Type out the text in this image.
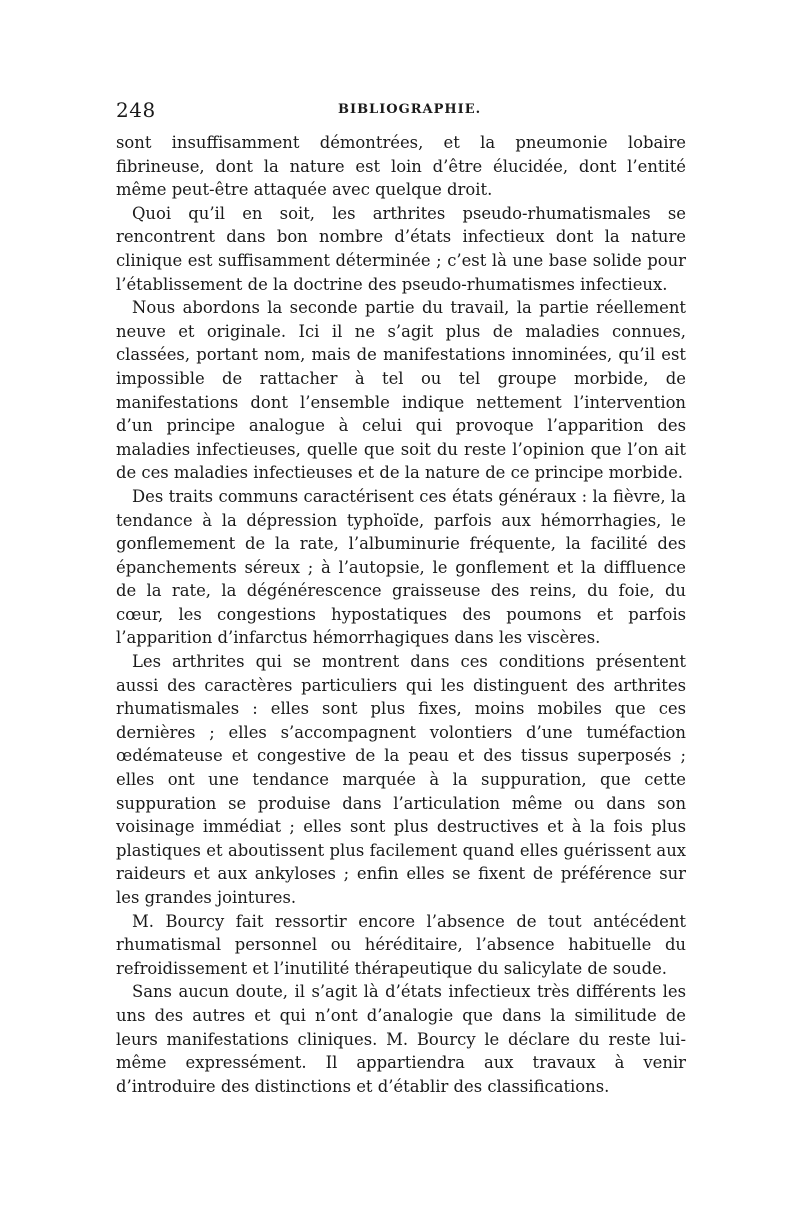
248	BIBLIOGRAPHIE.

sont insuffisamment démontrées, et la pneumonie lobaire fibrineuse, dont la nature est loin d’être élucidée, dont l’entité même peut-être attaquée avec quelque droit.

Quoi qu’il en soit, les arthrites pseudo-rhumatismales se rencontrent dans bon nombre d’états infectieux dont la nature clinique est suffisamment déterminée ; c’est là une base solide pour l’établissement de la doctrine des pseudo-rhumatismes infectieux.

Nous abordons la seconde partie du travail, la partie réellement neuve et originale. Ici il ne s’agit plus de maladies connues, classées, portant nom, mais de manifestations innominées, qu’il est impossible de rattacher à tel ou tel groupe morbide, de manifestations dont l’ensemble indique nettement l’intervention d’un principe analogue à celui qui provoque l’apparition des maladies infectieuses, quelle que soit du reste l’opinion que l’on ait de ces maladies infectieuses et de la nature de ce principe morbide.

Des traits communs caractérisent ces états généraux : la fièvre, la tendance à la dépression typhoïde, parfois aux hémorrhagies, le gonflemement de la rate, l’albuminurie fréquente, la facilité des épanchements séreux ; à l’autopsie, le gonflement et la diffluence de la rate, la dégénérescence graisseuse des reins, du foie, du cœur, les congestions hypostatiques des poumons et parfois l’apparition d’infarctus hémorrhagiques dans les viscères.

Les arthrites qui se montrent dans ces conditions présentent aussi des caractères particuliers qui les distinguent des arthrites rhumatismales : elles sont plus fixes, moins mobiles que ces dernières ; elles s’accompagnent volontiers d’une tuméfaction œdémateuse et congestive de la peau et des tissus superposés ; elles ont une tendance marquée à la suppuration, que cette suppuration se produise dans l’articulation même ou dans son voisinage immédiat ; elles sont plus destructives et à la fois plus plastiques et aboutissent plus facilement quand elles guérissent aux raideurs et aux ankyloses ; enfin elles se fixent de préférence sur les grandes jointures.

M. Bourcy fait ressortir encore l’absence de tout antécédent rhumatismal personnel ou héréditaire, l’absence habituelle du refroidissement et l’inutilité thérapeutique du salicylate de soude.

Sans aucun doute, il s’agit là d’états infectieux très différents les uns des autres et qui n’ont d’analogie que dans la similitude de leurs manifestations cliniques. M. Bourcy le déclare du reste lui-même expressément. Il appartiendra aux travaux à venir d’introduire des distinctions et d’établir des classifications.
